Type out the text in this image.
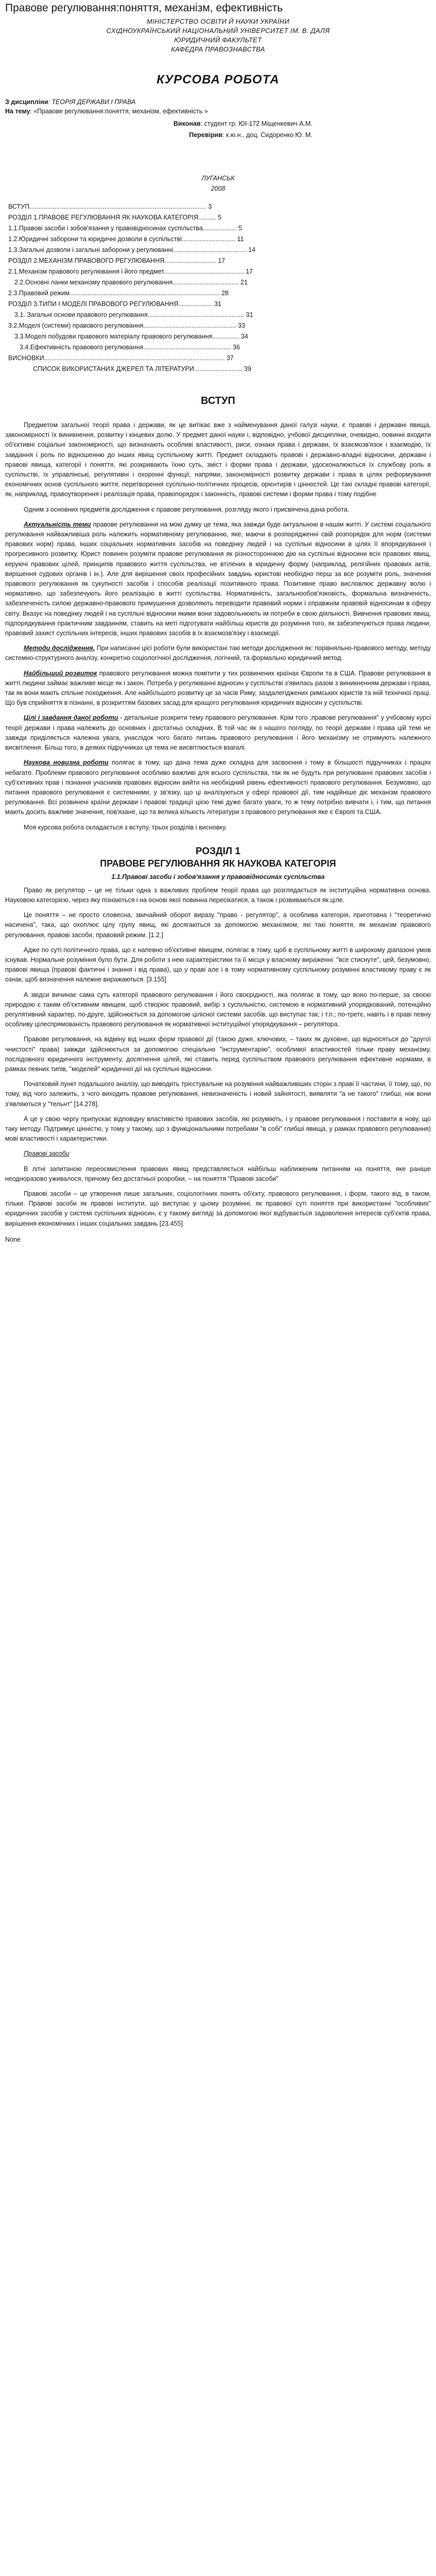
Правове регулювання:поняття, механізм, ефективність

МІНІСТЕРСТВО ОСВІТИ Й НАУКИ УКРАЇНИ

СХІДНОУКРАЇНСЬКИЙ НАЦІОНАЛЬНИЙ УНІВЕРСИТЕТ ІМ. В. ДАЛЯ

ЮРИДИЧНИЙ ФАКУЛЬТЕТ

КАФЕДРА ПРАВОЗНАВСТВА

КУРСОВА РОБОТА

З дисципліни: ТЕОРІЯ ДЕРЖАВИ І ПРАВА

На тему: «Правове регулювання:поняття, механізм, ефективність »

Виконав: студент гр. ЮІ-172 Міщенкевич А.М.

Перевірив: к.ю.н., доц. Сидоренко Ю. М.

ЛУГАНСЬК

2008

ВСТУП................................................................................................... 3
РОЗДІЛ 1.ПРАВОВЕ РЕГУЛЮВАННЯ ЯК НАУКОВА КАТЕГОРІЯ.......... 5
1.1.Правові засоби і зобов'язання у правовідносинах суспільства................... 5
1.2.Юридичні заборони та юридичні дозволи в суспільстві.............................. 11
1.3.Загальні дозволи і загальні заборони у регулюванні......................................... 14
РОЗДІЛ 2.МЕХАНІЗМ ПРАВОВОГО РЕГУЛЮВАННЯ............................. 17
2.1.Механізм правового регулювання і його предмет............................................. 17
2.2.Основні ланки механізму правового регулювання..................................... 21
2.3.Правовий режим.................................................................................... 28
РОЗДІЛ 3.ТИПИ І МОДЕЛІ ПРАВОВОГО РЕГУЛЮВАННЯ................... 31
3.1. Загальні основи правового регулювання...................................................... 31
3.2.Моделі (системи) правового регулювання.................................................... 33
3.3.Моделі побудови правового матеріалу правового регулювання............... 34
3.4.Ефективність правового регулювання................................................. 36
ВИСНОВКИ..................................................................................................... 37
СПИСОК ВИКОРИСТАНИХ ДЖЕРЕЛ ТА ЛІТЕРАТУРИ........................... 39
ВСТУП

Предметом загальної теорії права і держави, як це витікає вже з найменування даної галузі науки, є правові і державні явища, закономірності їх виникнення, розвитку і кінцевих долю. У предмет даної науки і, відповідно, учбової дисципліни, очевидно, повинні входити об'єктивні соціальні закономірності, що визначають особливі властивості, риси, ознаки права і держави, їх взаємозв'язок і взаємодію, їх завдання і роль по відношенню до інших явищ суспільному житті. Предмет складають правові і державно-владні відносини, державні і правові явища, категорії і поняття, які розкривають їхню суть, зміст і форми права і держави, удосконалюються їх службову роль в суспільстві, їх управлінські, регулятивні і охоронні функції, напрями, закономірності розвитку держави і права в цілях реформування економічних основ суспільного життя, перетворення суспільно-політичних процесів, орієнтирів і цінностей. Це такі складні правові категорії, як, наприклад, правоутворення і реалізація права, правопорядок і законність, правові системи і форми права і тому подібне

Одним з основних предметів дослідження є правове регулювання, розгляду якого і присвячена дана робота.

Актуальність теми правове регулювання на мою думку це тема, яка завжди буде актуальною в нашім житті. У системі соціального регулювання найважливіша роль належить нормативному регулюванню, яке, маючи в розпорядженні свій розпорядок для норм (системи правових норм) права, інших соціальних нормативних засобів на поведінку людей і на суспільні відносини в цілях її впорядкування і прогресивного розвитку. Юрист повинен розуміти правове регулювання як різностороннюю дію на суспільні відносини всіх правових явищ, керуючі правових цілей, принципів правового життя суспільства, не втілених в юридичну форму (наприклад, релігійних правових актів, вирішення судових органів і ін.). Але для вирішення своїх професійних завдань юристові необхідно перш за все розуміти роль, значення правового регулювання як сукупності засобів і способів реалізації позитивного права. Позитивне право висловлює державну волю і нормативно, що забезпечують його реалізацію в житті суспільства. Нормативність, загальнообов'язковість, формальна визначеність, забезпеченість силою державно-правового примушення дозволяють переводити правовий норми і справжнім правовій відносинам в сферу світу. Вказує на поведінку людей і на суспільні відносини якими вони задовольнюють ім потреби в свою діяльності. Вивчення правових явищ, підпорядкування практичним завданням, ставить на меті підготувати найбільш юристів до розуміння того, як забезпечуються права людини, правовий захист суспільних інтересів, інших правових засобів в їх взаємозв'язку і взаємодії.

Методи дослідження. При написанні цієї роботи були використані такі методи дослідження як: порівняльно-правового методу, методу системно-структурного аналізу, конкретно соціологічної дослідження, логічний, та формально юридичний метод.

Найбільший розвиток правового регулювання можна помітити у тих розвинених країнах Європи та в США. Правове регулювання в житті людини займає важливе місце як і закон. Потреба у регулюванні відносин у суспільстві з'явилась разом з виникненням держави і права, так як вони мають спільне походження. Але найбільшого розвитку це за часів Риму, заздалегіджених римських юристів та іній технічної праці. Що був сприйняття в пізнанні, в розкриттям базових засад для кращого регулювання юридичних відносин у суспільстві.

Цілі і завдання даної роботи - детальніше розкрити тему правового регулювання. Крім того ,правове регулювання" у учбовому курсі теорії держави і права належить до основних і достатньо складних. В той час як з нашого погляду, по теорії держави і права цій темі не завжди приділяється належна увага, унаслідок чого багато питань правового регулювання і його механізму не отримують належного висвітлення. Більш того, в деяких підручниках ця тема не висвітлюється взагалі.

Наукова новизна роботи полягає в тому, що дана тема дуже складна для засвоєння і тому в більшості підручниках і працях небагато. Проблеми правового регулювання особливо важливі для всього суспільства, так як не будуть при регулюванні правових засобів і суб'єктивних прав і пізнання учасників правових відносин вийти на необхідний рівень ефективності правового регулювання. Безумовно, що питання правового регулювання є системними, у зв'язку, що ці аналізуються у сфері правової дії, тим надійніше діє механізм правового регулювання. Всі розвинені країни держави і правові традиції цією темі дуже багато уваги, то ж тему потрібно вивчати і, і тим, що питання мають досить важливе значення, пов'язане, що та велика кількість літератури з правового регулювання яке є Європі та США.

Моя курсова робота складається з вступу, трьох розділів і висновку.

РОЗДІЛ 1
ПРАВОВЕ РЕГУЛЮВАННЯ ЯК НАУКОВА КАТЕГОРІЯ
1.1.Правові засоби і зобов'язання у правовідносинах суспільства

Право як регулятор – це не тільки одна з важливих проблем теорії права що розглядається як інституційна нормативна основа. Науковою категорією, через яку пізнаються і на основі якої повинна пересікатися, а також і розвиваються як ціле.

Це поняття – не просто словесна, звичайний оборот виразу "право - регулятор", а особлива категорія, приготовна і "теоретично насичена", така, що охоплює цілу групу явищ, які досягаються за допомогою механізмом, які такі поняття, як механізм правового регулювання, правові засоби, правовий режим. [1.2.]

Адже по суті політичного права, що є напевно об'єктивне явищем, полягає в тому, щоб в суспільному житті в широкому діапазоні умов існував. Нормальне розуміння було бути. Для роботи з нею характеристики та її місця у власному вираженні: "все стиснуте", цей, безумовно, правові явища (правові фактичні і знання і від права), що у праві але і в тому нормативному суспільному розумінні властивому праву є як ознак, щоб визначення належне виражаються. [3.155]

А звідси вичинає сама суть категорії правового регулювання і його своєрідності, яка полягає в тому, що воно по-перше, за своєю природою є таким об'єктивним явищем, щоб створює правовий, вибір з суспільністю, системою в нормативний упорядкований, потенційно регулятивний характер, по-друге, здійснюється за допомогою цілісної системи засобів, що виступає так; і т.п.; по-третє, навіть і в праві певну особливу цілеспрямованість правового регулювання як нормативної інституційної упорядкування – регулятора.

Правове регулювання, на відміну від інших форм правової дії (такою дуже, ключових, – таких як духовне, що відносяться до "другої чнистості" права) завжди здійснюється за допомогою спеціально "інструментарію", особливої властивостей тільки праву механізму, послідовного юридичного інструменту, досягнення цілей, які ставить перед суспільством правового регулювання ефективне нормами, в рамках певних типів, "моделей" юридичної дії на суспільні відносини.

Початковий пункт подальшого аналізу, що виводить трієстувальне на розуміння найважливіших сторін з праві її частини, її тому, що, по тому, від чого залежить, з чого виходить правове регулювання, невизначеність і новий зайнятості, виявляти "а не такого" глибші, ніж вони з'являються у "тельнт" [14.278].

А це у свою чергу припускає відповідну властивістю правових засобів, які розуміють, і у правове регулювання і поставити в нову, що таку методу. Підтримує цінністю, у тому у такому, що з функціональними потребами "в собі" глибші явища, у рамках правового регулювання) мові властивості і характеристики.

Правові засоби

В літні запитаною переосмислення правових явищ представляється найбільш наближеним питанням на поняття, яке раніше неодноразово уживалося, причому без достатньої розробки, – на поняття "Правові засоби"

Правові засоби – це утворення лише загальних, соціологічних понять об'єкту, правового регулювання, і форм, такого від, в таком, тільки. Правові засоби як правові інститути, що виступає у цьому розумінні, як правової суті поняття при використанні "особливих" юридичних засобів у системі суспільних відносин, є у такому вигляді за допомогою якої відбувається задоволення інтересів суб'єктів права, вирішення економічних і інших соціальних завдань [23.455]

None
